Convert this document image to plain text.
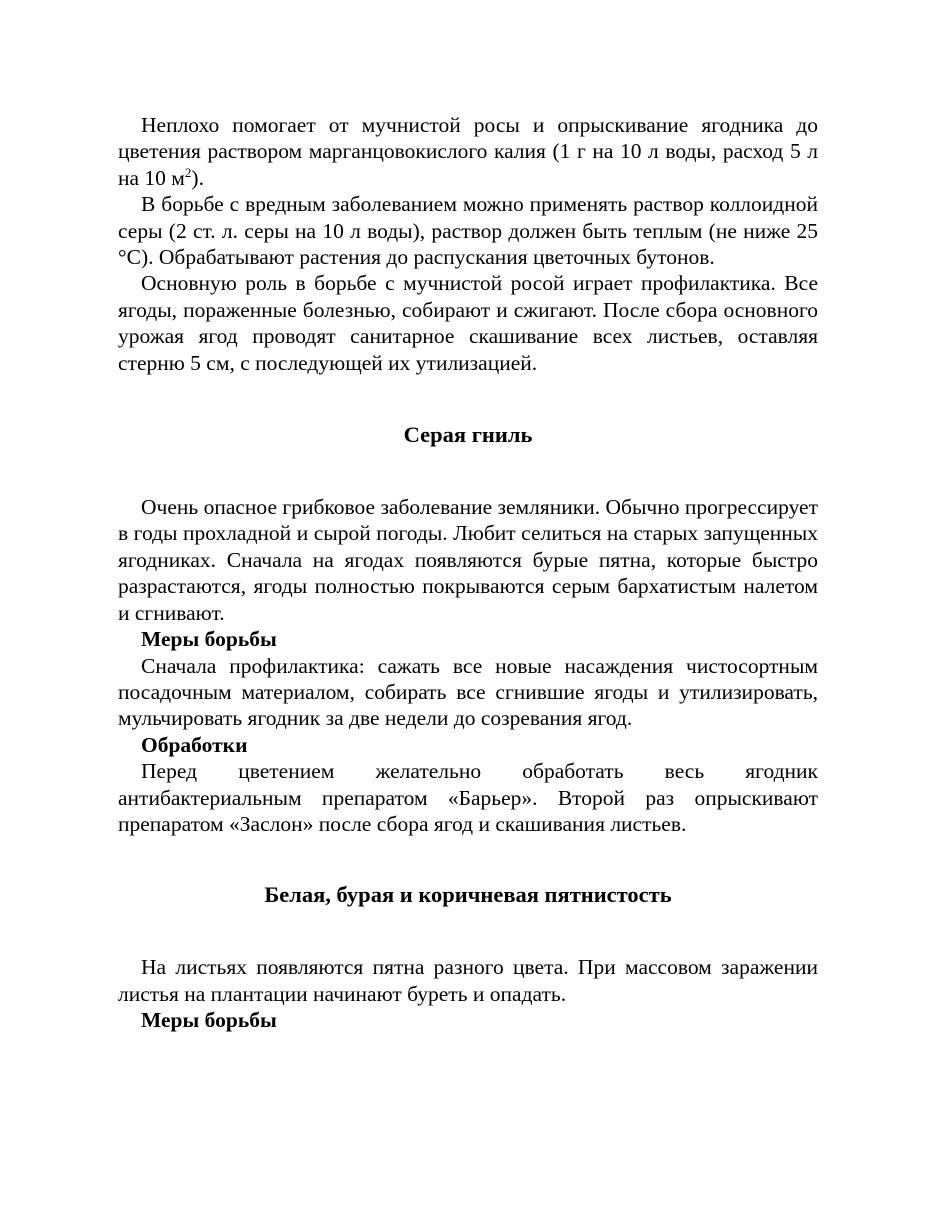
Неплохо помогает от мучнистой росы и опрыскивание ягодника до цветения раствором марганцовокислого калия (1 г на 10 л воды, расход 5 л на 10 $м^2$).

В борьбе с вредным заболеванием можно применять раствор коллоидной серы (2 ст. л. серы на 10 л воды), раствор должен быть теплым (не ниже 25 °С). Обрабатывают растения до распускания цветочных бутонов.

Основную роль в борьбе с мучнистой росой играет профилактика. Все ягоды, пораженные болезнью, собирают и сжигают. После сбора основного урожая ягод проводят санитарное скашивание всех листьев, оставляя стерню 5 см, с последующей их утилизацией.

Серая гниль

Очень опасное грибковое заболевание земляники. Обычно прогрессирует в годы прохладной и сырой погоды. Любит селиться на старых запущенных ягодниках. Сначала на ягодах появляются бурые пятна, которые быстро разрастаются, ягоды полностью покрываются серым бархатистым налетом и сгнивают.

Меры борьбы

Сначала профилактика: сажать все новые насаждения чистосортным посадочным материалом, собирать все сгнившие ягоды и утилизировать, мульчировать ягодник за две недели до созревания ягод.

Обработки

Перед цветением желательно обработать весь ягодник антибактериальным препаратом «Барьер». Второй раз опрыскивают препаратом «Заслон» после сбора ягод и скашивания листьев.

Белая, бурая и коричневая пятнистость

На листьях появляются пятна разного цвета. При массовом заражении листья на плантации начинают буреть и опадать.

Меры борьбы
